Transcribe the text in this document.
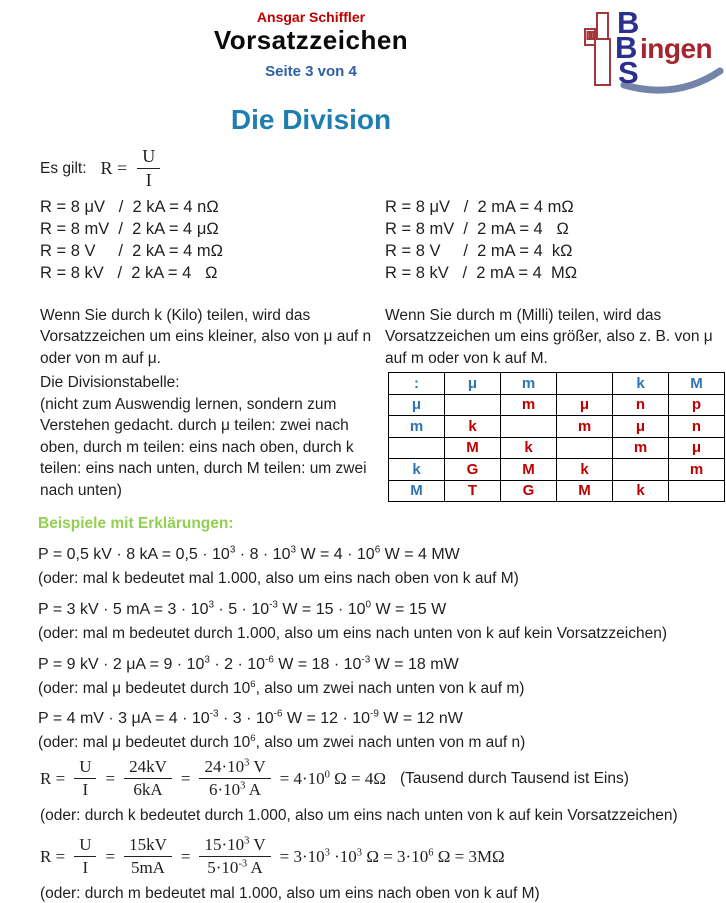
Ansgar Schiffler
Vorsatzzeichen
Seite 3 von 4
B
B
S
ingen
Die Division
Es gilt: $R = \frac{U}{I}$
R = 8 μV   /  2 kA = 4 nΩ
R = 8 mV  /  2 kA = 4 μΩ
R = 8 V     /  2 kA = 4 mΩ
R = 8 kV   /  2 kA = 4   Ω
R = 8 μV   /  2 mA = 4 mΩ
R = 8 mV  /  2 mA = 4   Ω
R = 8 V     /  2 mA = 4  kΩ
R = 8 kV   /  2 mA = 4  MΩ

Wenn Sie durch k (Kilo) teilen, wird das Vorsatzzeichen um eins kleiner, also von μ auf n oder von m auf μ.

Wenn Sie durch m (Milli) teilen, wird das Vorsatzzeichen um eins größer, also z. B. von μ auf m oder von k auf M.

Die Divisionstabelle:
(nicht zum Auswendig lernen, sondern zum Verstehen gedacht. durch μ teilen: zwei nach oben, durch m teilen: eins nach oben, durch k teilen: eins nach unten, durch M teilen: um zwei nach unten)
:	μ	m		k	M
μ		m	μ	n	p
m	k		m	μ	n
	M	k		m	μ
k	G	M	k		m
M	T	G	M	k	
Beispiele mit Erklärungen:
P = 0,5 kV · 8 kA = $0,5 \cdot 10^3 \cdot 8 \cdot 10^3$ $W = 4 \cdot 10^6$ W = 4 MW
(oder: mal k bedeutet mal 1.000, also um eins nach oben von k auf M)
P = 3 kV · 5 mA = $3 \cdot 10^3 \cdot 5 \cdot 10^{-3}$ $W = 15 \cdot 10^0$ W = 15 W
(oder: mal m bedeutet durch 1.000, also um eins nach unten von k auf kein Vorsatzzeichen)
P = 9 kV · 2 $\mu A = 9 \cdot 10^3 \cdot 2 \cdot 10^{-6}$ $W = 18 \cdot 10^{-3}$ W = 18 mW
(oder: mal μ bedeutet durch $10^6$, also um zwei nach unten von k auf m)
P = 4 mV · 3 $\mu A = 4 \cdot 10^{-3} \cdot 3 \cdot 10^{-6}$ $W = 12 \cdot 10^{-9}$ W = 12 nW
(oder: mal μ bedeutet durch $10^6$, also um zwei nach unten von m auf n)
$R = \frac{U}{I} = \frac{24kV}{6kA} = \frac{24\cdot 10^3 V}{6\cdot 10^3 A} = 4\cdot 10^0$ Ω = 4Ω (Tausend durch Tausend ist Eins)
(oder: durch k bedeutet durch 1.000, also um eins nach unten von k auf kein Vorsatzzeichen)
$R = \frac{U}{I} = \frac{15kV}{5mA} = \frac{15\cdot 10^3 V}{5\cdot 10^{-3} A} = 3\cdot 10^3 \cdot 10^3$ $\Omega = 3\cdot 10^6$ Ω = 3MΩ
(oder: durch m bedeutet mal 1.000, also um eins nach oben von k auf M)
